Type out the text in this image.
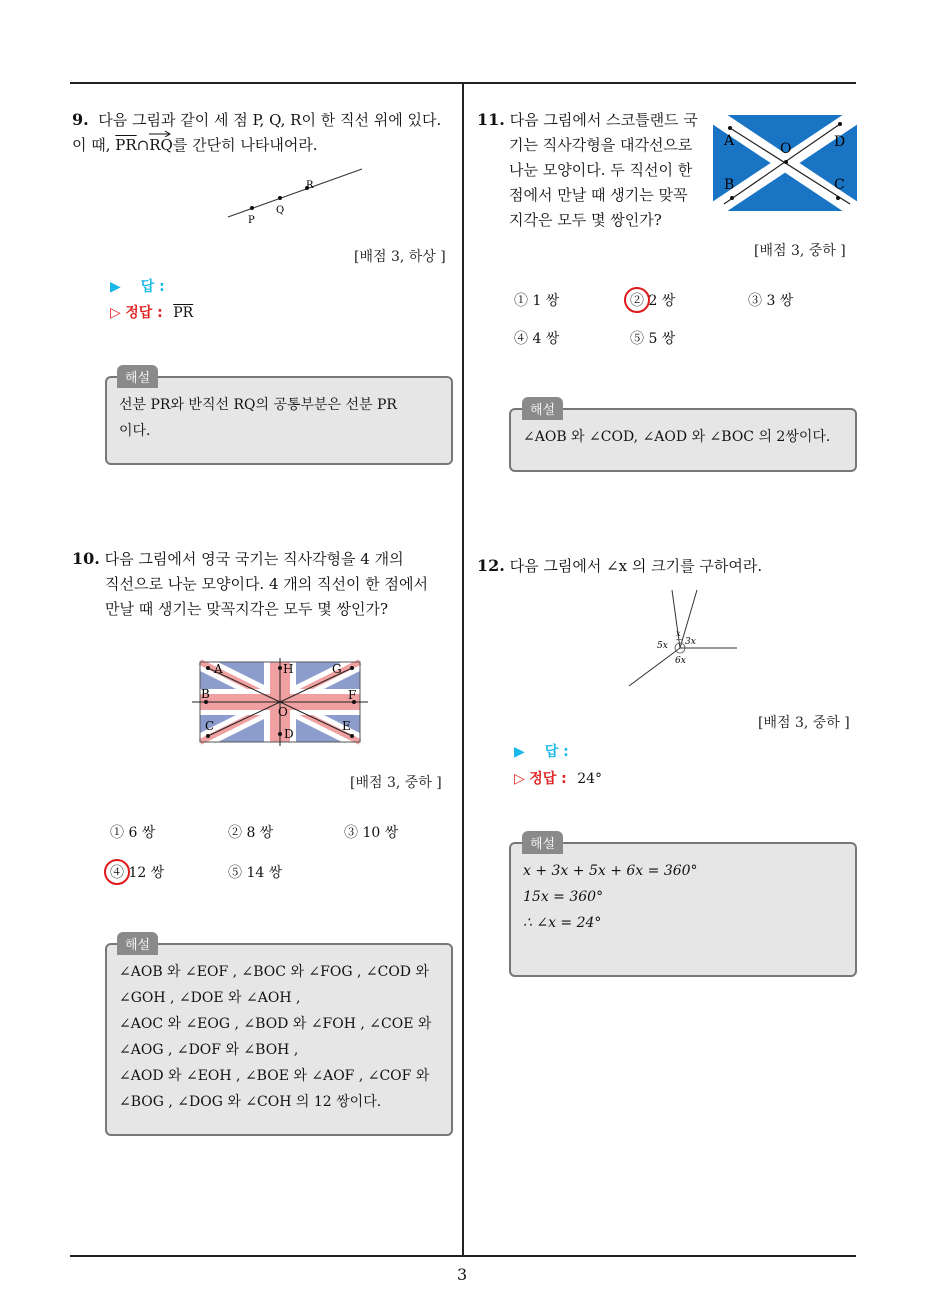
3
9. 다음 그림과 같이 세 점 P, Q, R이 한 직선 위에 있다.
이 때, $\overline{PR}\cap$
RQ를 간단히 나타내어라.
P
Q
R
[배점 3, 하상 ]
▶ 답 :
▷ 정답 : $\overline{PR}$
선분 PR와 반직선 RQ의 공통부분은 선분 PR
이다.
해설
10. 다음 그림에서 영국 국기는 직사각형을 4 개의
직선으로 나눈 모양이다. 4 개의 직선이 한 점에서
만날 때 생기는 맞꼭지각은 모두 몇 쌍인가?
A	H	G
B	F
O
C	E
D
[배점 3, 중하 ]
① 6 쌍	② 8 쌍	③ 10 쌍
④ 12 쌍	⑤ 14 쌍
∠AOB 와 ∠EOF , ∠BOC 와 ∠FOG , ∠COD 와
∠GOH , ∠DOE 와 ∠AOH ,
∠AOC 와 ∠EOG , ∠BOD 와 ∠FOH , ∠COE 와
∠AOG , ∠DOF 와 ∠BOH ,
∠AOD 와 ∠EOH , ∠BOE 와 ∠AOF , ∠COF 와
∠BOG , ∠DOG 와 ∠COH 의 12 쌍이다.
해설
11. 다음 그림에서 스코틀랜드 국
기는 직사각형을 대각선으로
나눈 모양이다. 두 직선이 한
점에서 만날 때 생기는 맞꼭
지각은 모두 몇 쌍인가?
A	O	D
B	C
[배점 3, 중하 ]
① 1 쌍	② 2 쌍	③ 3 쌍
④ 4 쌍	⑤ 5 쌍
∠AOB 와 ∠COD, ∠AOD 와 ∠BOC 의 2쌍이다.
해설
12. 다음 그림에서 ∠x 의 크기를 구하여라.
x
3x
5x
6x
[배점 3, 중하 ]
▶ 답 :
▷ 정답 : 24°
x + 3x + 5x + 6x = 360°
15x = 360°
∴ ∠x = 24°
해설
